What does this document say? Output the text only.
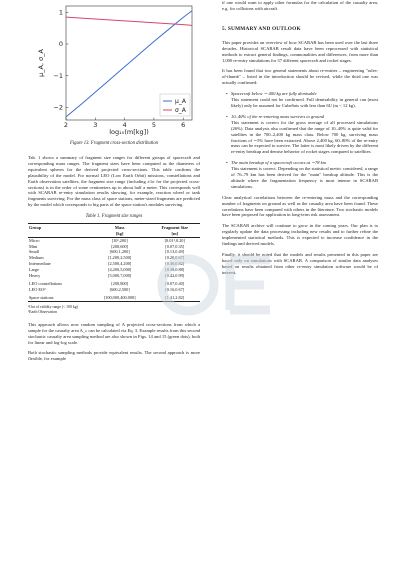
2	3	4	5	6
1
0
−1
−2
log₁₀(m[kg])
μ_A, σ_A
μ_A
σ_A
Figure 13. Fragment cross-section distribution

Tab. 1 shows a summary of fragment size ranges for different groups of spacecraft and corresponding mass ranges. The fragment sizes have been computed as the diameters of equivalent spheres for the derived projected cross-sections. This table confirms the plausibility of the model. For normal LEO (Low Earth Orbit) missions, constellations and Earth observation satellites, the fragment size range (including ±1σ for the projected cross-sections) is in the order of some centimeters up to about half a meter. This corresponds well with SCARAB re-entry simulation results showing, for example, reaction wheel or tank fragments surviving. For the mass class of space stations, meter-sized fragments are predicted by the model which corresponds to big parts of the space station's modules surviving.

Table 1. Fragment size ranges
Group	Mass	Fragment Size
	[kg]	[m]
Micro	[10¹,200]	[0.01¹,0.20]
Mini	[200,600]	[0.07,0.35]
Small	[600,1,200]	[0.13,0.49]
Medium	[1,200,2,500]	[0.20,0.67]
Intermediate	[2,500,4,200]	[0.30,0.82]
Large	[4,200,5,000]	[0.38,0.88]
Heavy	[5,000,7,000]	[0.42,0.99]
LEO constellations	[200,800]	[0.07,0.40]
LEO EO²	[600,2,500]	[0.16,0.67]
Space stations	[100,000,400,000]	[1.41,2.82]
¹Out of validity range (< 100 kg)
²Earth Observation

This approach allows now random sampling of A projected cross-sections from which a sample for the casualty area A_c can be calculated via Eq. 3. Example results from this second stochastic casualty area sampling method are also shown in Figs. 14 and 15 (green dots), both for linear and log-log scale.

Both stochastic sampling methods provide equivalent results. The second approach is more flexible, for example

if one would want to apply other formulas for the calculation of the casualty area, e.g. for collisions with aircraft.

5. SUMMARY AND OUTLOOK

This paper provides an overview of how SCARAB has been used over the last three decades. Historical SCARAB result data have been reprocessed with statistical methods to extract general findings, commonalities and differences, from more than 1,000 re-entry simulations for 37 different spacecraft and rocket stages.

It has been found that two general statements about re-entries – engineering "rules-of-thumb" – listed in the introduction should be revised, while the third one was actually confirmed:

• Spacecraft below ∼ 400 kg are fully demisable
This statement could not be confirmed. Full demisability in general can (most likely) only be assumed for CubeSats with less than 6U (m < 12 kg).
• 10–40% of the re-entering mass survives to ground
This statement is correct for the gross average of all processed simulations (26%). Data analysis also confirmed that the range of 10–40% is quite valid for satellites in the 700–2,400 kg mass class. Below 700 kg, surviving mass fractions of ∼5% have been extracted. Above 2,400 kg, 60–80% of the re-entry mass can be expected to survive. The latter is most likely driven by the different re-entry breakup and demise behavior of rocket stages compared to satellites.
• The main breakup of a spacecraft occurs at ∼78 km
This statement is correct. Depending on the statistical metric considered, a range of 76–79 km has been derived for the "main" breakup altitude. This is the altitude where the fragmentation frequency is most intense in SCARAB simulations.

Clear analytical correlations between the re-entering mass and the corresponding number of fragments on ground as well as the casualty area have been found. These correlations have been compared with others in the literature. Two stochastic models have been proposed for application in long-term risk assessment.

The SCARAB archive will continue to grow in the coming years. Our plan is to regularly update the data processing including new results and to further refine the implemented statistical methods. This is expected to increase confidence in the findings and derived models.

Finally, it should be noted that the models and results presented in this paper are based only on simulations with SCARAB. A comparison of similar data analyses based on results obtained from other re-entry simulation software would be of interest.
